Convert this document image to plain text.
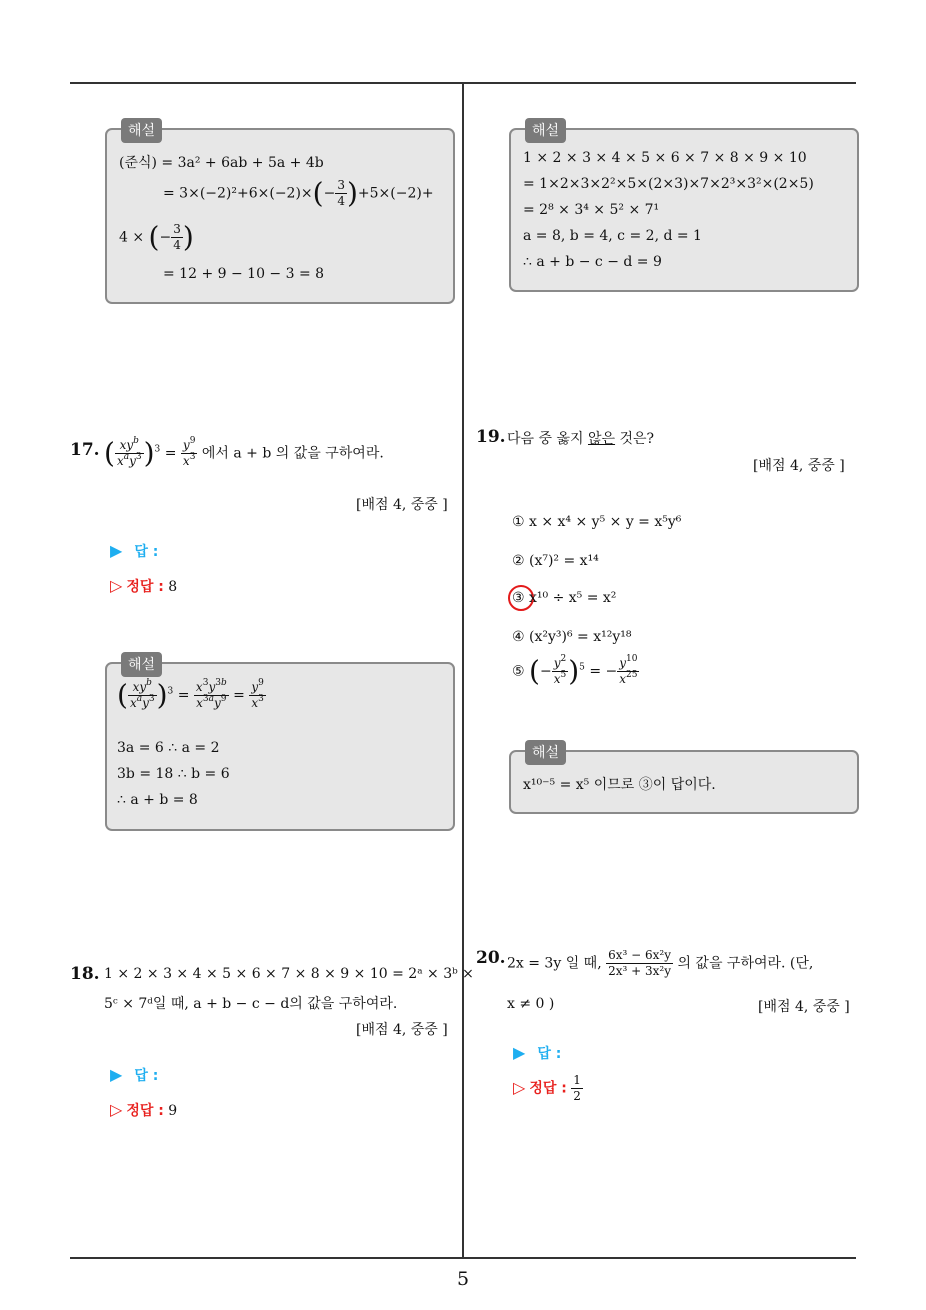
해설
(준식) = 3a² + 6ab + 5a + 4b
= $3\times(-2)^2+6\times(-2)\times(- \frac{3}{4} )+5\times(-2)+$
4 × (− $\frac{3}{4}$ )
= 12 + 9 − 10 − 3 = 8
해설
1 × 2 × 3 × 4 × 5 × 6 × 7 × 8 × 9 × 10
= 1×2×3×2²×5×(2×3)×7×2³×3²×(2×5)
= 2⁸ × 3⁴ × 5² × 7¹
a = 8, b = 4, c = 2, d = 1
∴ a + b − c − d = 9
17. ( $\frac{xy^b}{x^ay^3} )^3 = \frac{y^9}{x^3}$ 에서 a + b 의 값을 구하여라.
[배점 4, 중중 ]
▶ 답 :
▷ 정답 : 8
해설
( $\frac{xy^b}{x^ay^3} )^3 = \frac{x^3y^{3b}}{x^{3a}y^9} = \frac{y^9}{x^3}$
3a = 6 ∴ a = 2
3b = 18 ∴ b = 6
∴ a + b = 8
18. 1 × 2 × 3 × 4 × 5 × 6 × 7 × 8 × 9 × 10 = 2ᵃ × 3ᵇ ×
5ᶜ × 7ᵈ일 때, a + b − c − d의 값을 구하여라.
[배점 4, 중중 ]
▶ 답 :
▷ 정답 : 9
19. 다음 중 옳지 않은 것은?
[배점 4, 중중 ]
① x × x⁴ × y⁵ × y = x⁵y⁶
② (x⁷)² = x¹⁴
③ x¹⁰ ÷ x⁵ = x²
④ (x²y³)⁶ = x¹²y¹⁸
⑤ (− $\frac{y^2}{x^5} )^5$ = − $\frac{y^{10}}{x^{25}}$
해설
x¹⁰⁻⁵ = x⁵ 이므로 ③이 답이다.
20. 2x = 3y 일 때, $\frac{\text{6x³ − 6x²y}}{\text{2x³ + 3x²y}}$ 의 값을 구하여라. (단,
x ≠ 0 )	[배점 4, 중중 ]
▶ 답 :
▷ 정답 : $\frac{1}{2}$
5
